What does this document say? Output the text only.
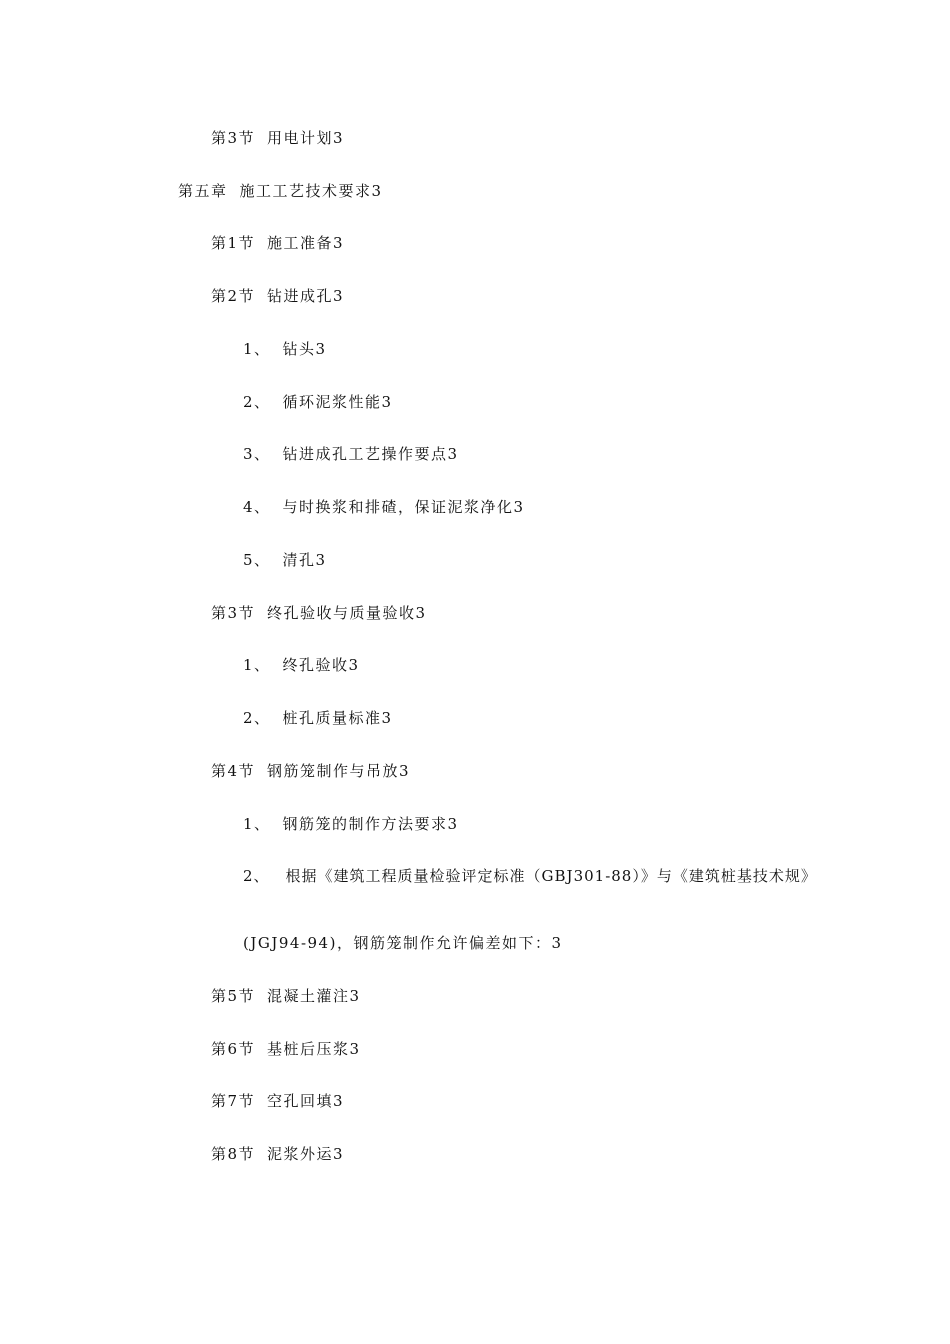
第3节 用电计划3
第五章 施工工艺技术要求3
第1节 施工准备3
第2节 钻进成孔3
1、 钻头3
2、 循环泥浆性能3
3、 钻进成孔工艺操作要点3
4、 与时换浆和排碴，保证泥浆净化3
5、 清孔3
第3节 终孔验收与质量验收3
1、 终孔验收3
2、 桩孔质量标准3
第4节 钢筋笼制作与吊放3
1、 钢筋笼的制作方法要求3
2、 根据《建筑工程质量检验评定标准（GBJ301-88）》与《建筑桩基技术规》
(JGJ94-94)，钢筋笼制作允许偏差如下：3
第5节 混凝土灌注3
第6节 基桩后压浆3
第7节 空孔回填3
第8节 泥浆外运3
